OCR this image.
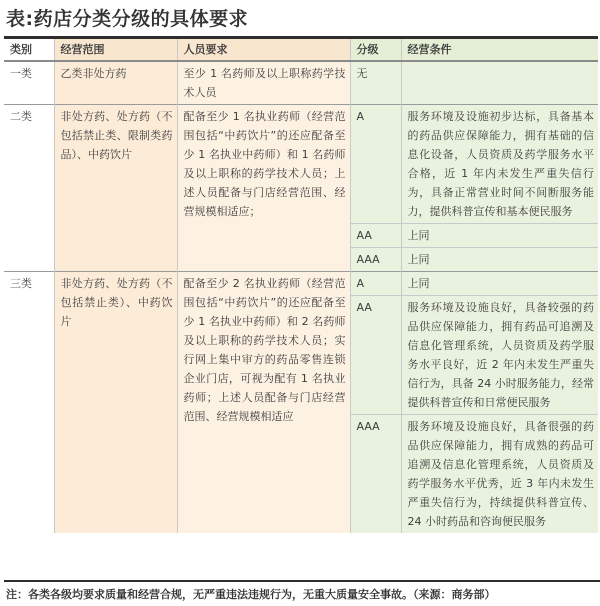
表:药店分类分级的具体要求
类别	经营范围	人员要求	分级	经营条件
一类	乙类非处方药	至少 1 名药师及以上职称药学技术人员	无	
二类	非处方药、处方药（不包括禁止类、限制类药品）、中药饮片	配备至少 1 名执业药师（经营范围包括“中药饮片”的还应配备至少 1 名执业中药师）和 1 名药师及以上职称的药学技术人员；上述人员配备与门店经营范围、经营规模相适应；	A	服务环境及设施初步达标，具备基本的药品供应保障能力，拥有基础的信息化设备，人员资质及药学服务水平合格，近 1 年内未发生严重失信行为，具备正常营业时间不间断服务能力，提供科普宣传和基本便民服务
			AA	上同
			AAA	上同
三类	非处方药、处方药（不包括禁止类）、中药饮片	配备至少 2 名执业药师（经营范围包括“中药饮片”的还应配备至少 1 名执业中药师）和 2 名药师及以上职称的药学技术人员；实行网上集中审方的药品零售连锁企业门店，可视为配有 1 名执业药师；上述人员配备与门店经营范围、经营规模相适应	A	上同
			AA	服务环境及设施良好，具备较强的药品供应保障能力，拥有药品可追溯及信息化管理系统，人员资质及药学服务水平良好，近 2 年内未发生严重失信行为，具备 24 小时服务能力，经常提供科普宣传和日常便民服务
			AAA	服务环境及设施良好，具备很强的药品供应保障能力，拥有成熟的药品可追溯及信息化管理系统，人员资质及药学服务水平优秀，近 3 年内未发生严重失信行为，持续提供科普宣传、24 小时药品和咨询便民服务
注：各类各级均要求质量和经营合规，无严重违法违规行为，无重大质量安全事故。（来源：商务部）
